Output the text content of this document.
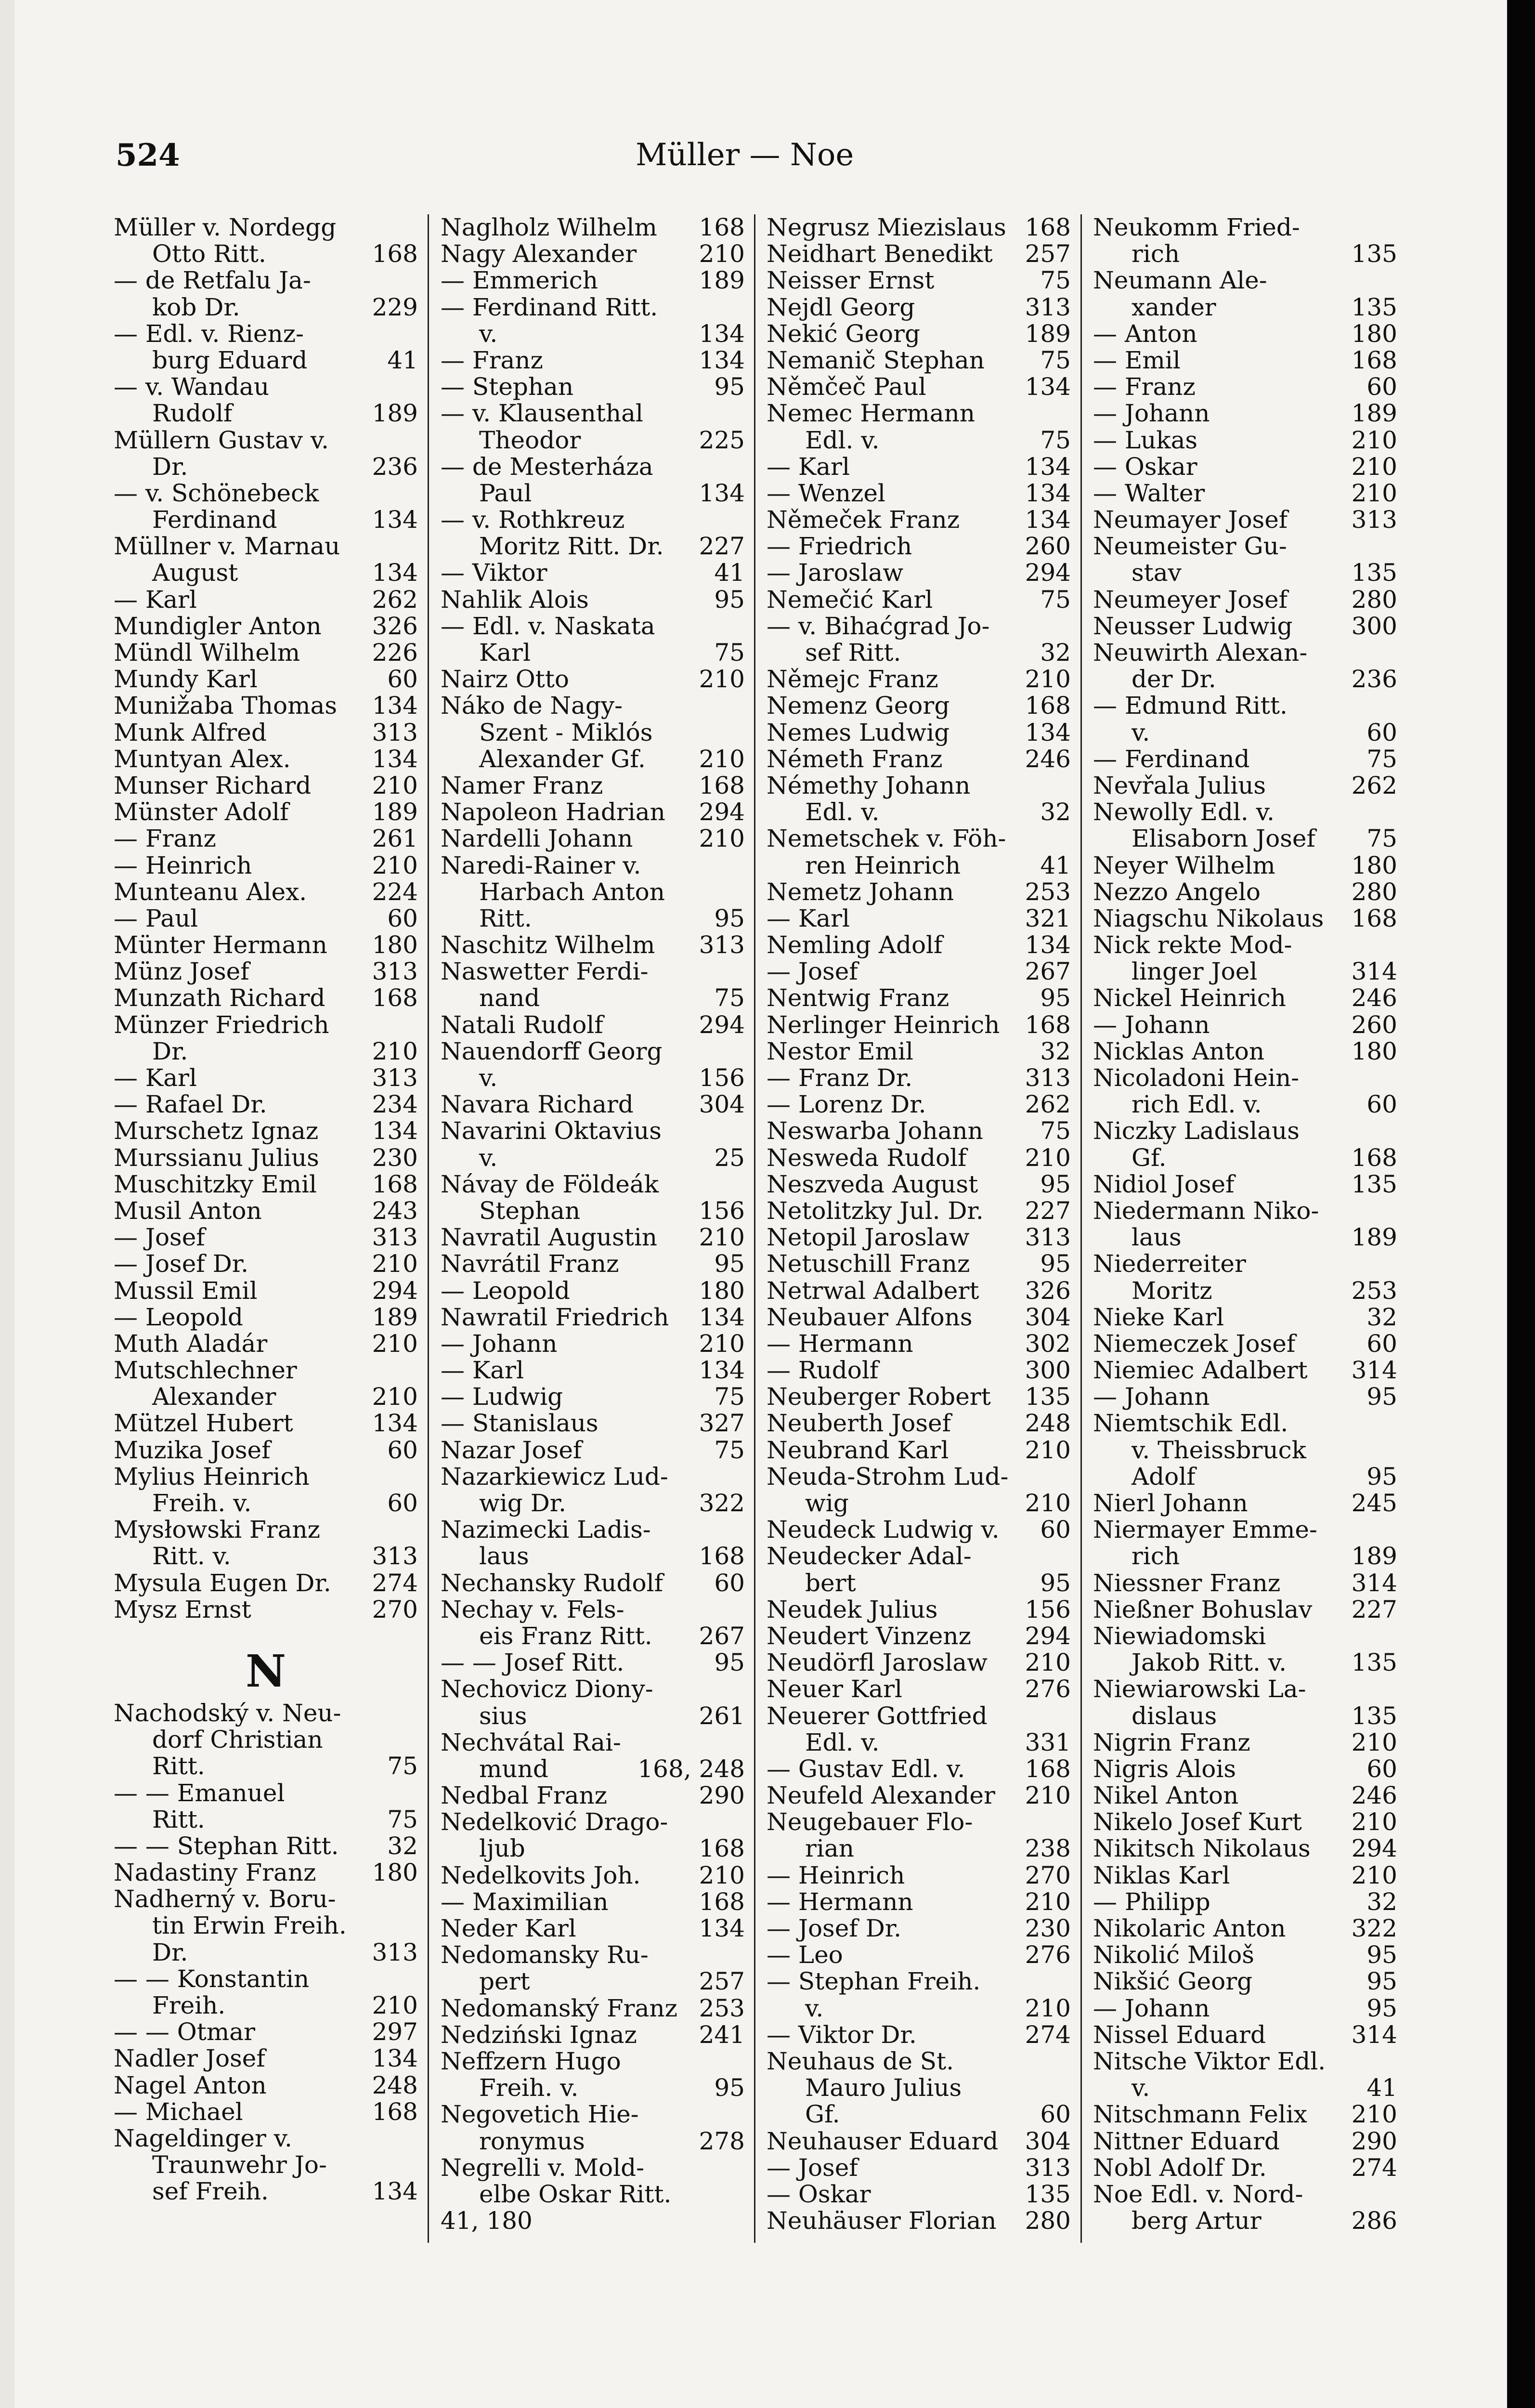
524	Müller — Noe
Müller v. Nordegg
Otto Ritt.	168
— de Retfalu Ja-
kob Dr.	229
— Edl. v. Rienz-
burg Eduard	41
— v. Wandau
Rudolf	189
Müllern Gustav v.
Dr.	236
— v. Schönebeck
Ferdinand	134
Müllner v. Marnau
August	134
— Karl	262
Mundigler Anton 326
Mündl Wilhelm	226
Mundy Karl	60
Munižaba Thomas 134
Munk Alfred	313
Muntyan Alex.	134
Munser Richard	210
Münster Adolf	189
— Franz	261
— Heinrich	210
Munteanu Alex.	224
— Paul	60
Münter Hermann 180
Münz Josef	313
Munzath Richard 168
Münzer Friedrich
Dr.	210
— Karl	313
— Rafael Dr.	234
Murschetz Ignaz 134
Murssianu Julius 230
Muschitzky Emil 168
Musil Anton	243
— Josef	313
— Josef Dr.	210
Mussil Emil	294
— Leopold	189
Muth Aladár	210
Mutschlechner
Alexander	210
Mützel Hubert	134
Muzika Josef	60
Mylius Heinrich
Freih. v.	60
Mysłowski Franz
Ritt. v.	313
Mysula Eugen Dr. 274
Mysz Ernst	270
N
Nachodský v. Neu-
dorf Christian
Ritt.	75
— — Emanuel
Ritt.	75
— — Stephan Ritt. 32
Nadastiny Franz 180
Nadherný v. Boru-
tin Erwin Freih.
Dr.	313
— — Konstantin
Freih.	210
— — Otmar	297
Nadler Josef	134
Nagel Anton	248
— Michael	168
Nageldinger v.
Traunwehr Jo-
sef Freih.	134
Naglholz Wilhelm 168
Nagy Alexander	210
— Emmerich	189
— Ferdinand Ritt.
v.	134
— Franz	134
— Stephan	95
— v. Klausenthal
Theodor	225
— de Mesterháza
Paul	134
— v. Rothkreuz
Moritz Ritt. Dr. 227
— Viktor	41
Nahlik Alois	95
— Edl. v. Naskata
Karl	75
Nairz Otto	210
Náko de Nagy-
Szent - Miklós
Alexander Gf. 210
Namer Franz	168
Napoleon Hadrian 294
Nardelli Johann	210
Naredi-Rainer v.
Harbach Anton
Ritt.	95
Naschitz Wilhelm 313
Naswetter Ferdi-
nand	75
Natali Rudolf	294
Nauendorff Georg
v.	156
Navara Richard	304
Navarini Oktavius
v.	25
Návay de Földeák
Stephan	156
Navratil Augustin 210
Navrátil Franz	95
— Leopold	180
Nawratil Friedrich 134
— Johann	210
— Karl	134
— Ludwig	75
— Stanislaus	327
Nazar Josef	75
Nazarkiewicz Lud-
wig Dr.	322
Nazimecki Ladis-
laus	168
Nechansky Rudolf 60
Nechay v. Fels-
eis Franz Ritt. 267
— — Josef Ritt.	95
Nechovicz Diony-
sius	261
Nechvátal Rai-
mund	168, 248
Nedbal Franz	290
Nedelković Drago-
ljub	168
Nedelkovits Joh. 210
— Maximilian	168
Neder Karl	134
Nedomansky Ru-
pert	257
Nedomanský Franz 253
Nedziński Ignaz	241
Neffzern Hugo
Freih. v.	95
Negovetich Hie-
ronymus	278
Negrelli v. Mold-
elbe Oskar Ritt.
41, 180
Negrusz Miezislaus 168
Neidhart Benedikt 257
Neisser Ernst	75
Nejdl Georg	313
Nekić Georg	189
Nemanič Stephan 75
Němčeč Paul	134
Nemec Hermann
Edl. v.	75
— Karl	134
— Wenzel	134
Němeček Franz	134
— Friedrich	260
— Jaroslaw	294
Nemečić Karl	75
— v. Bihaćgrad Jo-
sef Ritt.	32
Němejc Franz	210
Nemenz Georg	168
Nemes Ludwig	134
Németh Franz	246
Némethy Johann
Edl. v.	32
Nemetschek v. Föh-
ren Heinrich	41
Nemetz Johann	253
— Karl	321
Nemling Adolf	134
— Josef	267
Nentwig Franz	95
Nerlinger Heinrich 168
Nestor Emil	32
— Franz Dr.	313
— Lorenz Dr.	262
Neswarba Johann 75
Nesweda Rudolf 210
Neszveda August	95
Netolitzky Jul. Dr. 227
Netopil Jaroslaw 313
Netuschill Franz	95
Netrwal Adalbert 326
Neubauer Alfons 304
— Hermann	302
— Rudolf	300
Neuberger Robert 135
Neuberth Josef	248
Neubrand Karl	210
Neuda-Strohm Lud-
wig	210
Neudeck Ludwig v. 60
Neudecker Adal-
bert	95
Neudek Julius	156
Neudert Vinzenz 294
Neudörfl Jaroslaw 210
Neuer Karl	276
Neuerer Gottfried
Edl. v.	331
— Gustav Edl. v. 168
Neufeld Alexander 210
Neugebauer Flo-
rian	238
— Heinrich	270
— Hermann	210
— Josef Dr.	230
— Leo	276
— Stephan Freih.
v.	210
— Viktor Dr.	274
Neuhaus de St.
Mauro Julius
Gf.	60
Neuhauser Eduard 304
— Josef	313
— Oskar	135
Neuhäuser Florian 280
Neukomm Fried-
rich	135
Neumann Ale-
xander	135
— Anton	180
— Emil	168
— Franz	60
— Johann	189
— Lukas	210
— Oskar	210
— Walter	210
Neumayer Josef	313
Neumeister Gu-
stav	135
Neumeyer Josef	280
Neusser Ludwig 300
Neuwirth Alexan-
der Dr.	236
— Edmund Ritt.
v.	60
— Ferdinand	75
Nevřala Julius	262
Newolly Edl. v.
Elisaborn Josef 75
Neyer Wilhelm	180
Nezzo Angelo	280
Niagschu Nikolaus 168
Nick rekte Mod-
linger Joel	314
Nickel Heinrich	246
— Johann	260
Nicklas Anton	180
Nicoladoni Hein-
rich Edl. v.	60
Niczky Ladislaus
Gf.	168
Nidiol Josef	135
Niedermann Niko-
laus	189
Niederreiter
Moritz	253
Nieke Karl	32
Niemeczek Josef	60
Niemiec Adalbert 314
— Johann	95
Niemtschik Edl.
v. Theissbruck
Adolf	95
Nierl Johann	245
Niermayer Emme-
rich	189
Niessner Franz	314
Nießner Bohuslav 227
Niewiadomski
Jakob Ritt. v.	135
Niewiarowski La-
dislaus	135
Nigrin Franz	210
Nigris Alois	60
Nikel Anton	246
Nikelo Josef Kurt 210
Nikitsch Nikolaus 294
Niklas Karl	210
— Philipp	32
Nikolaric Anton	322
Nikolić Miloš	95
Nikšić Georg	95
— Johann	95
Nissel Eduard	314
Nitsche Viktor Edl.
v.	41
Nitschmann Felix 210
Nittner Eduard	290
Nobl Adolf Dr.	274
Noe Edl. v. Nord-
berg Artur	286
